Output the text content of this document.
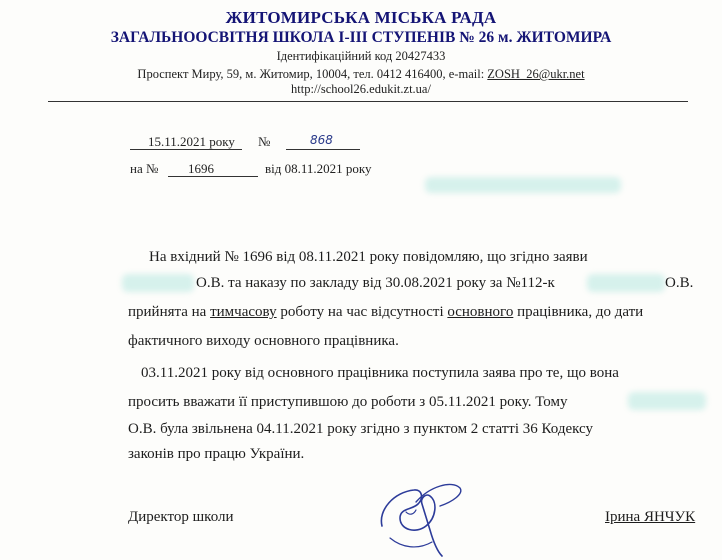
ЖИТОМИРСЬКА МІСЬКА РАДА
ЗАГАЛЬНООСВІТНЯ ШКОЛА І-ІІІ СТУПЕНІВ № 26 м. ЖИТОМИРА
Ідентифікаційний код 20427433
Проспект Миру, 59, м. Житомир, 10004, тел. 0412 416400, e-mail: ZOSH_26@ukr.net
http://school26.edukit.zt.ua/
15.11.2021 року №	868
на № 1696	від 08.11.2021 року
На вхідний № 1696 від 08.11.2021 року повідомляю, що згідно заяви
О.В. та наказу по закладу від 30.08.2021 року за №112-к	О.В.
прийнята на тимчасову роботу на час відсутності основного працівника, до дати
фактичного виходу основного працівника.
03.11.2021 року від основного працівника поступила заява про те, що вона
просить вважати її приступившою до роботи з 05.11.2021 року. Тому
О.В. була звільнена 04.11.2021 року згідно з пунктом 2 статті 36 Кодексу
законів про працю України.
Директор школи	Ірина ЯНЧУК
